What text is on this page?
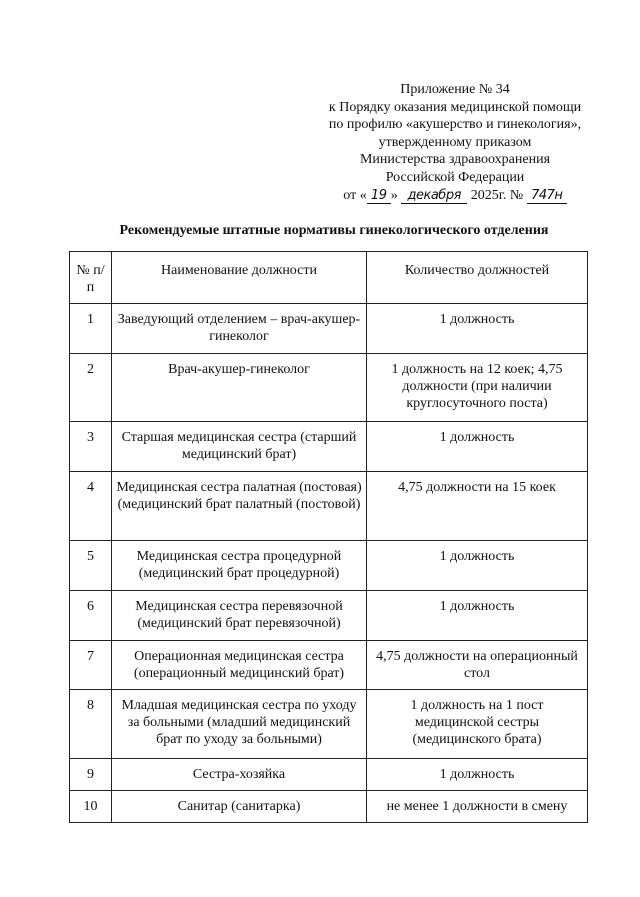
Приложение № 34
к Порядку оказания медицинской помощи
по профилю «акушерство и гинекология»,
утвержденному приказом
Министерства здравоохранения
Российской Федерации
от « 19 » декабря 2025г. № 747н
Рекомендуемые штатные нормативы гинекологического отделения
№ п/п	Наименование должности	Количество должностей
1	Заведующий отделением – врач-акушер-гинеколог	1 должность
2	Врач-акушер-гинеколог	1 должность на 12 коек; 4,75 должности (при наличии круглосуточного поста)
3	Старшая медицинская сестра (старший медицинский брат)	1 должность
4	Медицинская сестра палатная (постовая) (медицинский брат палатный (постовой)	4,75 должности на 15 коек
5	Медицинская сестра процедурной (медицинский брат процедурной)	1 должность
6	Медицинская сестра перевязочной (медицинский брат перевязочной)	1 должность
7	Операционная медицинская сестра (операционный медицинский брат)	4,75 должности на операционный стол
8	Младшая медицинская сестра по уходу за больными (младший медицинский брат по уходу за больными)	1 должность на 1 пост медицинской сестры (медицинского брата)
9	Сестра-хозяйка	1 должность
10	Санитар (санитарка)	не менее 1 должности в смену
